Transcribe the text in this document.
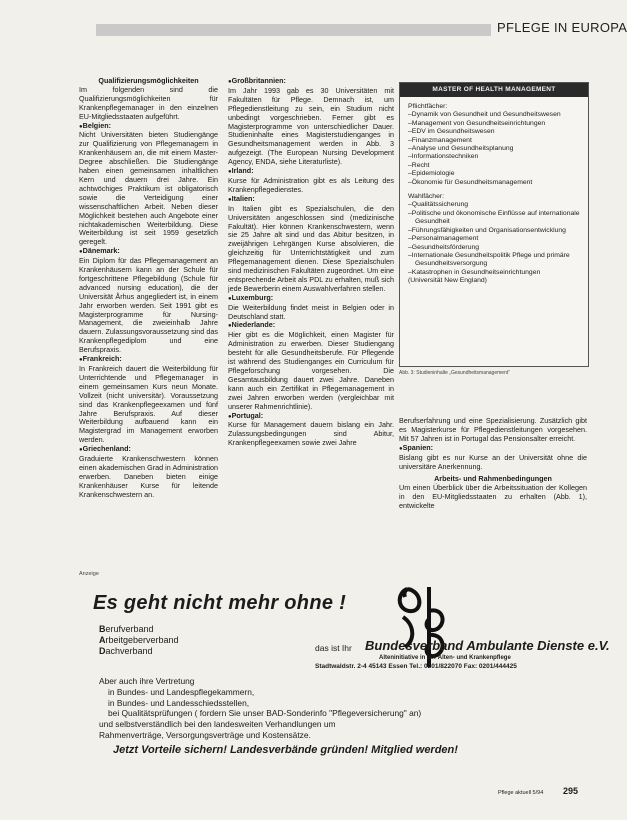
PFLEGE IN EUROPA

Qualifizierungsmöglichkeiten

Im folgenden sind die Qualifizierungsmöglichkeiten für Krankenpflegemanager in den einzelnen EU-Mitgliedsstaaten aufgeführt.

● Belgien:

Nicht Universitäten bieten Studiengänge zur Qualifizierung von Pflegemanagern in Krankenhäusern an, die mit einem Master-Degree abschließen. Die Studiengänge haben einen gemeinsamen inhaltlichen Kern und dauern drei Jahre. Ein achtwöchiges Praktikum ist obligatorisch sowie die Verteidigung einer wissenschaftlichen Arbeit. Neben dieser Möglichkeit bestehen auch Angebote einer nichtakademischen Weiterbildung. Diese Weiterbildung ist seit 1959 gesetzlich geregelt.

● Dänemark:

Ein Diplom für das Pflegemanagement an Krankenhäusern kann an der Schule für fortgeschrittene Pflegebildung (Schule für advanced nursing education), die der Universität Århus angegliedert ist, in einem Jahr erworben werden. Seit 1991 gibt es Magisterprogramme für Nursing-Management, die zweieinhalb Jahre dauern. Zulassungsvoraussetzung sind das Krankenpflegediplom und eine Berufspraxis.

● Frankreich:

In Frankreich dauert die Weiterbildung für Unterrichtende und Pflegemanager in einem gemeinsamen Kurs neun Monate. Vollzeit (nicht universitär). Voraussetzung sind das Krankenpflegeexamen und fünf Jahre Berufspraxis. Auf dieser Weiterbildung aufbauend kann ein Magistergrad im Management erworben werden.

● Griechenland:

Graduierte Krankenschwestern können einen akademischen Grad in Administration erwerben. Daneben bieten einige Krankenhäuser Kurse für leitende Krankenschwestern an.

● Großbritannien:

Im Jahr 1993 gab es 30 Universitäten mit Fakultäten für Pflege. Demnach ist, um Pflegedienstleitung zu sein, ein Studium nicht unbedingt vorgeschrieben. Ferner gibt es Magisterprogramme von unterschiedlicher Dauer. Studieninhalte eines Magisterstudienganges in Gesundheitsmanagement werden in Abb. 3 aufgezeigt. (The European Nursing Development Agency, ENDA, siehe Literaturliste).

● Irland:

Kurse für Administration gibt es als Leitung des Krankenpflegedienstes.

● Italien:

In Italien gibt es Spezialschulen, die den Universitäten angeschlossen sind (medizinische Fakultät). Hier können Krankenschwestern, wenn sie 25 Jahre alt sind und das Abitur besitzen, in zweijährigen Lehrgängen Kurse absolvieren, die gleichzeitig für Unterrichtstätigkeit und zum Pflegemanagement dienen. Diese Spezialschulen sind medizinischen Fakultäten zugeordnet. Um eine entsprechende Arbeit als PDL zu erhalten, muß sich jede Bewerberin einem Auswahlverfahren stellen.

● Luxemburg:

Die Weiterbildung findet meist in Belgien oder in Deutschland statt.

● Niederlande:

Hier gibt es die Möglichkeit, einen Magister für Administration zu erwerben. Dieser Studiengang besteht für alle Gesundheitsberufe. Für Pflegende ist während des Studienganges ein Curriculum für Pflegeforschung vorgesehen. Die Gesamtausbildung dauert zwei Jahre. Daneben kann auch ein Zertifikat in Pflegemanagement in zwei Jahren erworben werden (vergleichbar mit unserer Rahmenrichtlinie).

● Portugal:

Kurse für Management dauern bislang ein Jahr. Zulassungsbedingungen sind Abitur, Krankenpflegeexamen sowie zwei Jahre

MASTER OF HEALTH MANAGEMENT
Pflichtfächer:
– Dynamik von Gesundheit und Gesundheitswesen
– Management von Gesundheitseinrichtungen
– EDV im Gesundheitswesen
– Finanzmanagement
– Analyse und Gesundheitsplanung
– Informationstechniken
– Recht
– Epidemiologie
– Ökonomie für Gesundheitsmanagement
Wahlfächer:
– Qualitätssicherung
– Politische und ökonomische Einflüsse auf internationale Gesundheit
– Führungsfähigkeiten und Organisationsentwicklung
– Personalmanagement
– Gesundheitsförderung
– Internationale Gesundheitspolitik Pflege und primäre Gesundheitsversorgung
– Katastrophen in Gesundheitseinrichtungen
(Universität New England)
Abb. 3: Studieninhalte „Gesundheitsmanagement“

Berufserfahrung und eine Spezialisierung. Zusätzlich gibt es Magisterkurse für Pflegedienstleitungen vorgesehen. Mit 57 Jahren ist in Portugal das Pensionsalter erreicht.

● Spanien:

Bislang gibt es nur Kurse an der Universität ohne die universitäre Anerkennung.

Arbeits- und Rahmenbedingungen

Um einen Überblick über die Arbeitssituation der Kollegen in den EU-Mitgliedsstaaten zu erhalten (Abb. 1), entwickelte

Anzeige
Es geht nicht mehr ohne !
Berufverband
Arbeitgeberverband
Dachverband	das ist Ihr Bundesverband Ambulante Dienste e.V.
Alteninitiative in der Alten- und Krankenpflege
Stadtwaldstr. 2-4 45143 Essen Tel.: 0201/822070 Fax: 0201/444425

Aber auch ihre Vertretung

in Bundes- und Landespflegekammern,

in Bundes- und Landesschiedsstellen,

bei Qualitätsprüfungen ( fordern Sie unser BAD-Sonderinfo "Pflegeversicherung" an)

und selbstverständlich bei den landesweiten Verhandlungen um

Rahmenverträge, Versorgungsverträge und Kostensätze.

Jetzt Vorteile sichern! Landesverbände gründen! Mitglied werden!
Pflege aktuell 5/94 295
